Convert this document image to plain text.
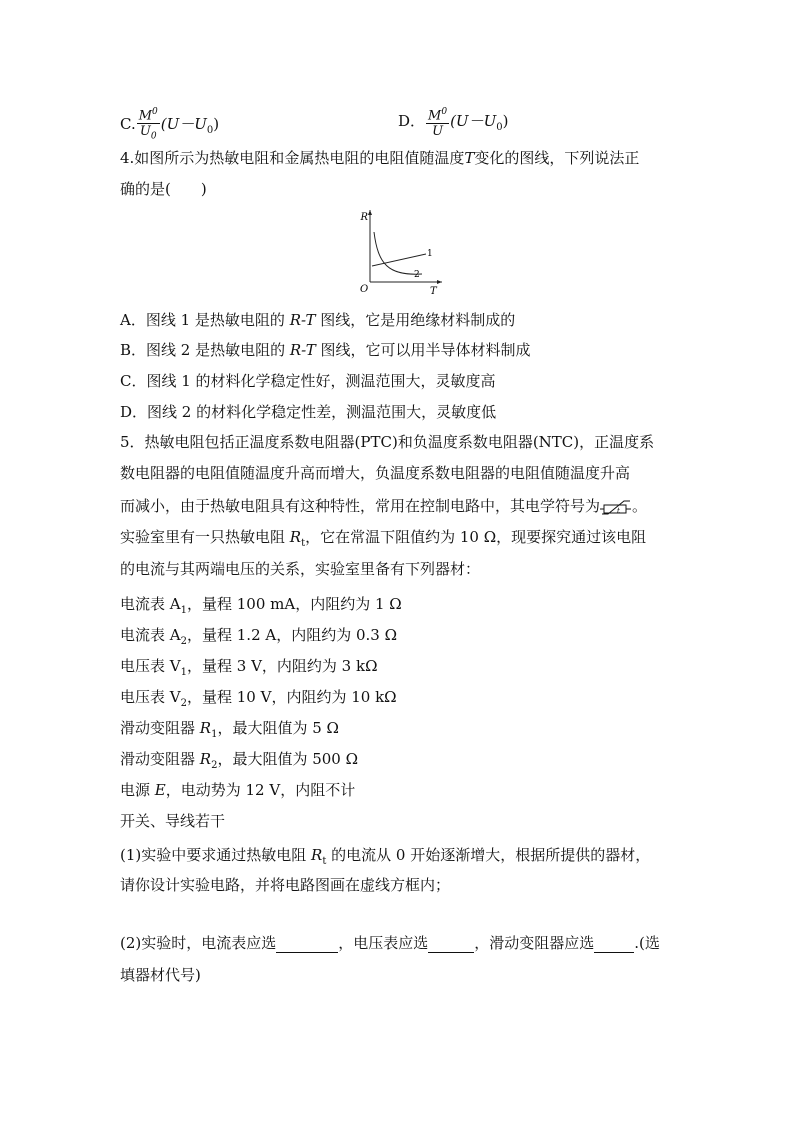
C. $\frac{M^0}{U_0} (U-U_0)$	D． $\frac{M^0}{U} (U-U_0)$
4.如图所示为热敏电阻和金属热电阻的电阻值随温度T变化的图线，下列说法正
确的是(　　)
R
T
O
1
2
A．图线 1 是热敏电阻的 R-T 图线，它是用绝缘材料制成的
B．图线 2 是热敏电阻的 R-T 图线，它可以用半导体材料制成
C．图线 1 的材料化学稳定性好，测温范围大，灵敏度高
D．图线 2 的材料化学稳定性差，测温范围大，灵敏度低
5．热敏电阻包括正温度系数电阻器(PTC)和负温度系数电阻器(NTC)，正温度系
数电阻器的电阻值随温度升高而增大，负温度系数电阻器的电阻值随温度升高
而减小，由于热敏电阻具有这种特性，常用在控制电路中，其电学符号为 t 。
实验室里有一只热敏电阻 $R_t$，它在常温下阻值约为 10 Ω，现要探究通过该电阻
的电流与其两端电压的关系，实验室里备有下列器材：
电流表 $A_1$，量程 100 mA，内阻约为 1 Ω
电流表 $A_2$，量程 1.2 A，内阻约为 0.3 Ω
电压表 $V_1$，量程 3 V，内阻约为 3 kΩ
电压表 $V_2$，量程 10 V，内阻约为 10 kΩ
滑动变阻器 $R_1$，最大阻值为 5 Ω
滑动变阻器 $R_2$，最大阻值为 500 Ω
电源 E，电动势为 12 V，内阻不计
开关、导线若干
(1)实验中要求通过热敏电阻 $R_t$ 的电流从 0 开始逐渐增大，根据所提供的器材，
请你设计实验电路，并将电路图画在虚线方框内；
(2)实验时，电流表应选	，电压表应选	，滑动变阻器应选	.(选
填器材代号)
